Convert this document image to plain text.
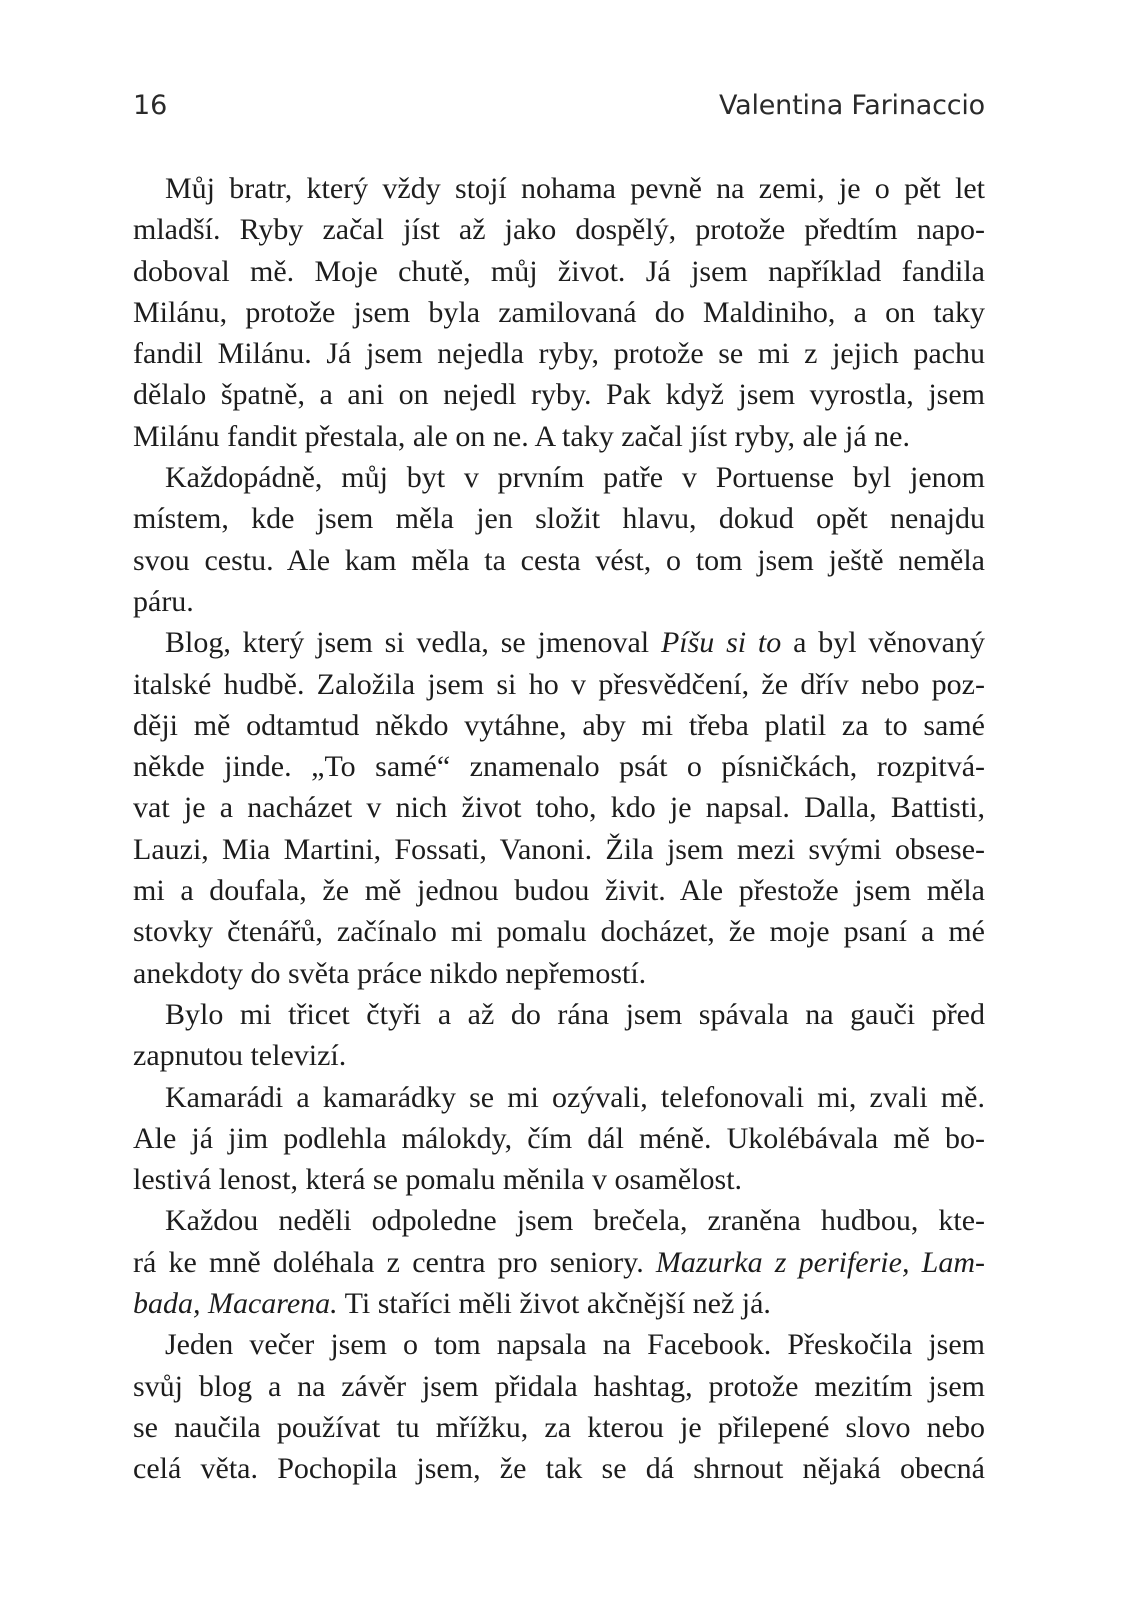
16	Valentina Farinaccio
Můj bratr, který vždy stojí nohama pevně na zemi, je o pět let
mladší. Ryby začal jíst až jako dospělý, protože předtím napo-
doboval mě. Moje chutě, můj život. Já jsem například fandila
Milánu, protože jsem byla zamilovaná do Maldiniho, a on taky
fandil Milánu. Já jsem nejedla ryby, protože se mi z jejich pachu
dělalo špatně, a ani on nejedl ryby. Pak když jsem vyrostla, jsem
Milánu fandit přestala, ale on ne. A taky začal jíst ryby, ale já ne.
Každopádně, můj byt v prvním patře v Portuense byl jenom
místem, kde jsem měla jen složit hlavu, dokud opět nenajdu
svou cestu. Ale kam měla ta cesta vést, o tom jsem ještě neměla
páru.
Blog, který jsem si vedla, se jmenoval Píšu si to a byl věnovaný
italské hudbě. Založila jsem si ho v přesvědčení, že dřív nebo poz-
ději mě odtamtud někdo vytáhne, aby mi třeba platil za to samé
někde jinde. „To samé“ znamenalo psát o písničkách, rozpitvá-
vat je a nacházet v nich život toho, kdo je napsal. Dalla, Battisti,
Lauzi, Mia Martini, Fossati, Vanoni. Žila jsem mezi svými obsese-
mi a doufala, že mě jednou budou živit. Ale přestože jsem měla
stovky čtenářů, začínalo mi pomalu docházet, že moje psaní a mé
anekdoty do světa práce nikdo nepřemostí.
Bylo mi třicet čtyři a až do rána jsem spávala na gauči před
zapnutou televizí.
Kamarádi a kamarádky se mi ozývali, telefonovali mi, zvali mě.
Ale já jim podlehla málokdy, čím dál méně. Ukolébávala mě bo-
lestivá lenost, která se pomalu měnila v osamělost.
Každou neděli odpoledne jsem brečela, zraněna hudbou, kte-
rá ke mně doléhala z centra pro seniory. Mazurka z periferie, Lam-
bada, Macarena. Ti staříci měli život akčnější než já.
Jeden večer jsem o tom napsala na Facebook. Přeskočila jsem
svůj blog a na závěr jsem přidala hashtag, protože mezitím jsem
se naučila používat tu mřížku, za kterou je přilepené slovo nebo
celá věta. Pochopila jsem, že tak se dá shrnout nějaká obecná
